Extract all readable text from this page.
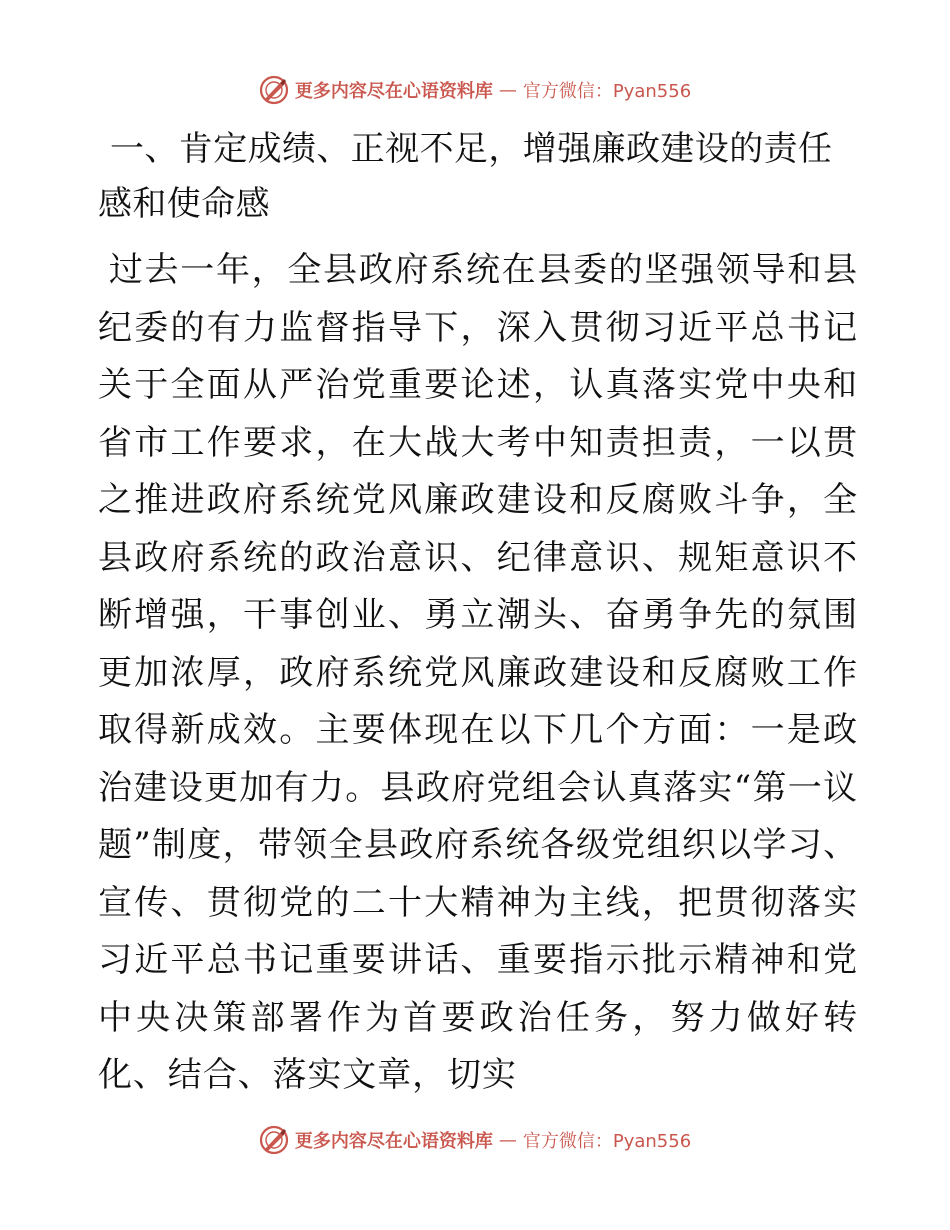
更多内容尽在心语资料库 — 官方微信：Pyan556
一、肯定成绩、正视不足，增强廉政建设的责任感和使命感

过去一年，全县政府系统在县委的坚强领导和县纪委的有力监督指导下，深入贯彻习近平总书记关于全面从严治党重要论述，认真落实党中央和省市工作要求，在大战大考中知责担责，一以贯之推进政府系统党风廉政建设和反腐败斗争，全县政府系统的政治意识、纪律意识、规矩意识不断增强，干事创业、勇立潮头、奋勇争先的氛围更加浓厚，政府系统党风廉政建设和反腐败工作取得新成效。主要体现在以下几个方面：一是政治建设更加有力。县政府党组会认真落实“第一议题”制度，带领全县政府系统各级党组织以学习、宣传、贯彻党的二十大精神为主线，把贯彻落实习近平总书记重要讲话、重要指示批示精神和党中央决策部署作为首要政治任务，努力做好转化、结合、落实文章，切实

更多内容尽在心语资料库 — 官方微信：Pyan556
